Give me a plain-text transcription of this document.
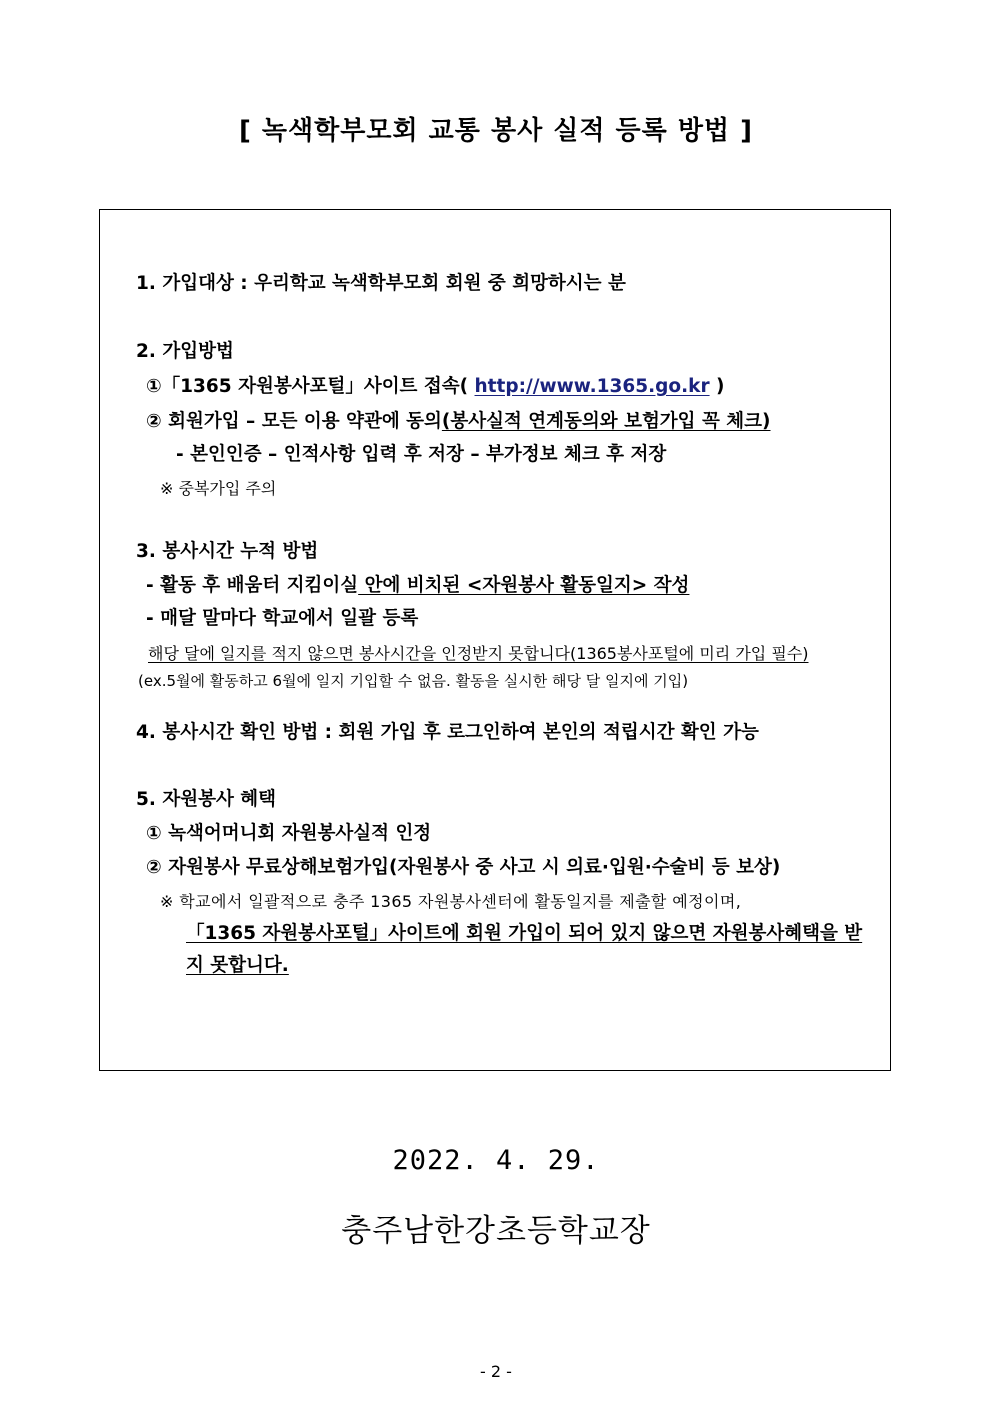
[ 녹색학부모회 교통 봉사 실적 등록 방법 ]
1. 가입대상 : 우리학교 녹색학부모회 회원 중 희망하시는 분
2. 가입방법
①「1365 자원봉사포털」사이트 접속( http://www.1365.go.kr )
② 회원가입 – 모든 이용 약관에 동의(봉사실적 연계동의와 보험가입 꼭 체크)
- 본인인증 – 인적사항 입력 후 저장 – 부가정보 체크 후 저장
※ 중복가입 주의
3. 봉사시간 누적 방법
- 활동 후 배움터 지킴이실 안에 비치된 <자원봉사 활동일지> 작성
- 매달 말마다 학교에서 일괄 등록
해당 달에 일지를 적지 않으면 봉사시간을 인정받지 못합니다(1365봉사포털에 미리 가입 필수)
(ex.5월에 활동하고 6월에 일지 기입할 수 없음. 활동을 실시한 해당 달 일지에 기입)
4. 봉사시간 확인 방법 : 회원 가입 후 로그인하여 본인의 적립시간 확인 가능
5. 자원봉사 혜택
① 녹색어머니회 자원봉사실적 인정
② 자원봉사 무료상해보험가입(자원봉사 중 사고 시 의료·입원·수술비 등 보상)
※ 학교에서 일괄적으로 충주 1365 자원봉사센터에 활동일지를 제출할 예정이며,
「1365 자원봉사포털」사이트에 회원 가입이 되어 있지 않으면 자원봉사혜택을 받
지 못합니다.
2022. 4. 29.
충주남한강초등학교장
- 2 -
